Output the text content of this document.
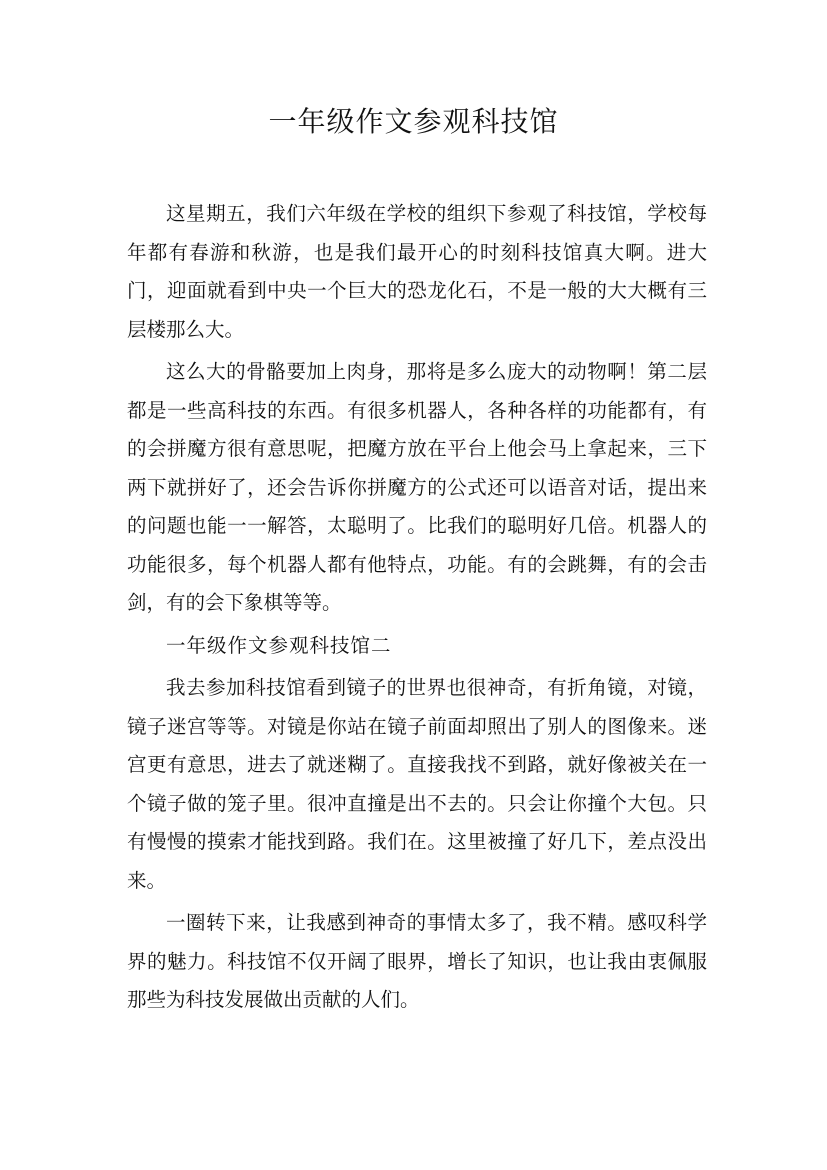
一年级作文参观科技馆

这星期五，我们六年级在学校的组织下参观了科技馆，学校每年都有春游和秋游，也是我们最开心的时刻科技馆真大啊。进大门，迎面就看到中央一个巨大的恐龙化石，不是一般的大大概有三层楼那么大。

这么大的骨骼要加上肉身，那将是多么庞大的动物啊！第二层都是一些高科技的东西。有很多机器人，各种各样的功能都有，有的会拼魔方很有意思呢，把魔方放在平台上他会马上拿起来，三下两下就拼好了，还会告诉你拼魔方的公式还可以语音对话，提出来的问题也能一一解答，太聪明了。比我们的聪明好几倍。机器人的功能很多，每个机器人都有他特点，功能。有的会跳舞，有的会击剑，有的会下象棋等等。

一年级作文参观科技馆二

我去参加科技馆看到镜子的世界也很神奇，有折角镜，对镜，镜子迷宫等等。对镜是你站在镜子前面却照出了别人的图像来。迷宫更有意思，进去了就迷糊了。直接我找不到路，就好像被关在一个镜子做的笼子里。很冲直撞是出不去的。只会让你撞个大包。只有慢慢的摸索才能找到路。我们在。这里被撞了好几下，差点没出来。

一圈转下来，让我感到神奇的事情太多了，我不精。感叹科学界的魅力。科技馆不仅开阔了眼界，增长了知识，也让我由衷佩服那些为科技发展做出贡献的人们。
